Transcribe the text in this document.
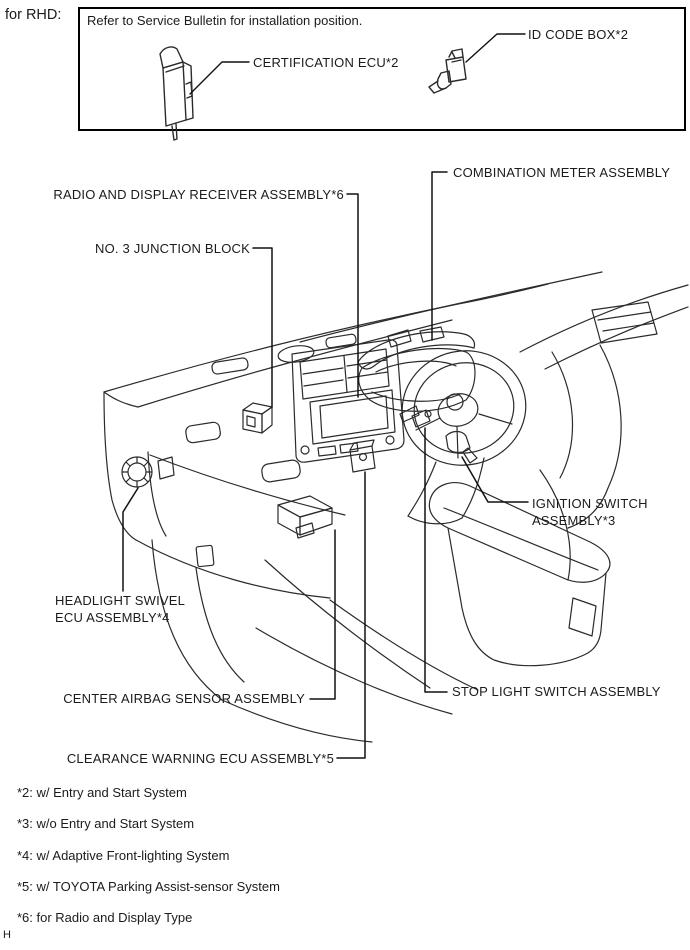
for RHD: Refer to Service Bulletin for installation position.
CERTIFICATION ECU*2
ID CODE BOX*2
COMBINATION METER ASSEMBLY
RADIO AND DISPLAY RECEIVER ASSEMBLY*6
NO. 3 JUNCTION BLOCK
IGNITION SWITCH
ASSEMBLY*3
HEADLIGHT SWIVEL
ECU ASSEMBLY*4
CENTER AIRBAG SENSOR ASSEMBLY	STOP LIGHT SWITCH ASSEMBLY
CLEARANCE WARNING ECU ASSEMBLY*5
*2: w/ Entry and Start System
*3: w/o Entry and Start System
*4: w/ Adaptive Front-lighting System
*5: w/ TOYOTA Parking Assist-sensor System
*6: for Radio and Display Type
H
